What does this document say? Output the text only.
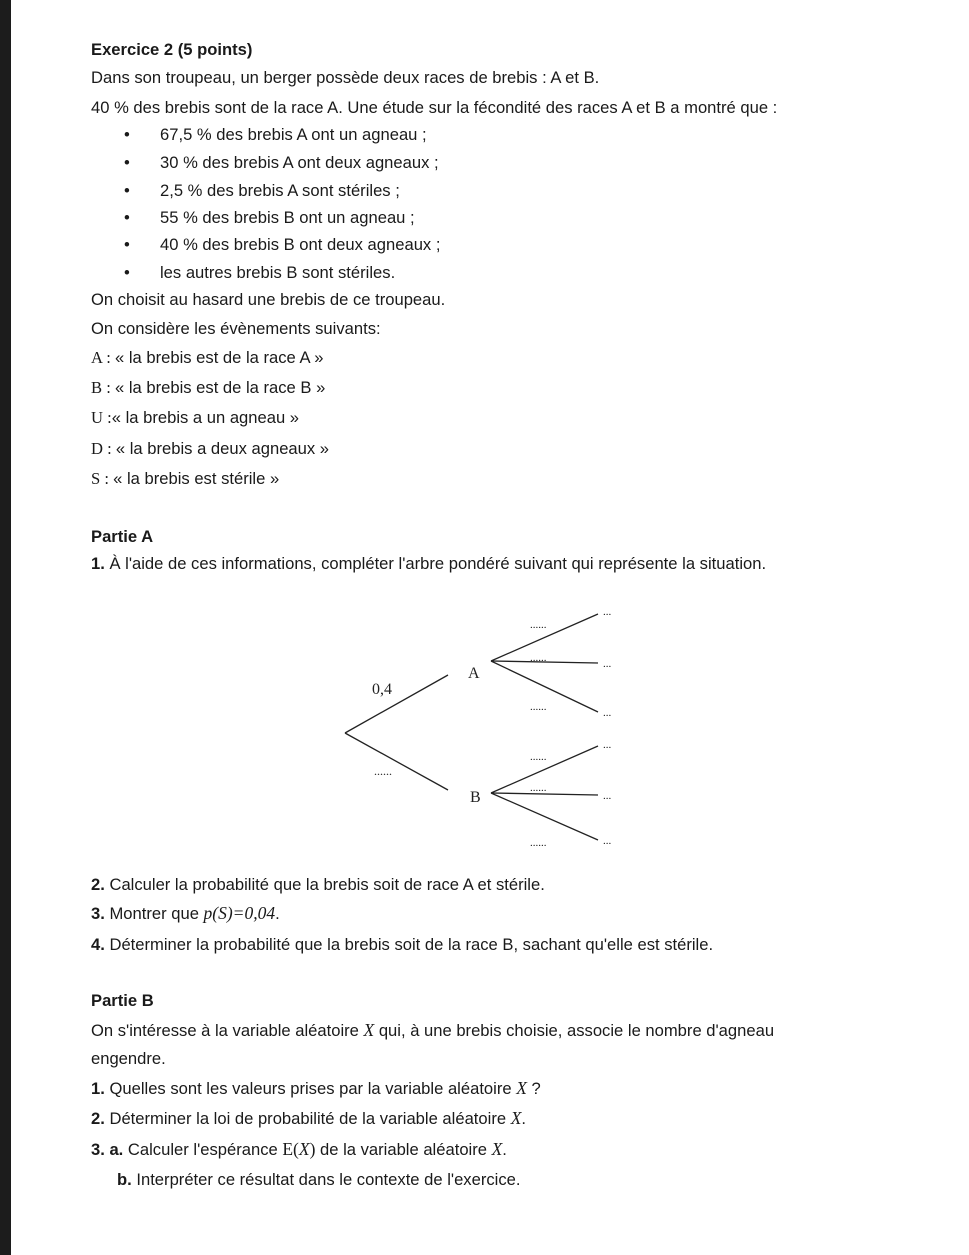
Exercice 2 (5 points)
Dans son troupeau, un berger possède deux races de brebis : A et B.
40 % des brebis sont de la race A. Une étude sur la fécondité des races A et B a montré que :
• 67,5 % des brebis A ont un agneau ;
• 30 % des brebis A ont deux agneaux ;
• 2,5 % des brebis A sont stériles ;
• 55 % des brebis B ont un agneau ;
• 40 % des brebis B ont deux agneaux ;
• les autres brebis B sont stériles.
On choisit au hasard une brebis de ce troupeau.
On considère les évènements suivants:
A : « la brebis est de la race A »
B : « la brebis est de la race B »
U :« la brebis a un agneau »
D : « la brebis a deux agneaux »
S : « la brebis est stérile »
Partie A
1. À l'aide de ces informations, compléter l'arbre pondéré suivant qui représente la situation.
A
B
0,4
......
......
......
......
......
......
......
...
...
...
...
...
...
2. Calculer la probabilité que la brebis soit de race A et stérile.
3. Montrer que p(S)=0,04.
4. Déterminer la probabilité que la brebis soit de la race B, sachant qu'elle est stérile.
Partie B
On s'intéresse à la variable aléatoire X qui, à une brebis choisie, associe le nombre d'agneau
engendre.
1. Quelles sont les valeurs prises par la variable aléatoire X ?
2. Déterminer la loi de probabilité de la variable aléatoire X.
3. a. Calculer l'espérance E(X) de la variable aléatoire X.
b. Interpréter ce résultat dans le contexte de l'exercice.
